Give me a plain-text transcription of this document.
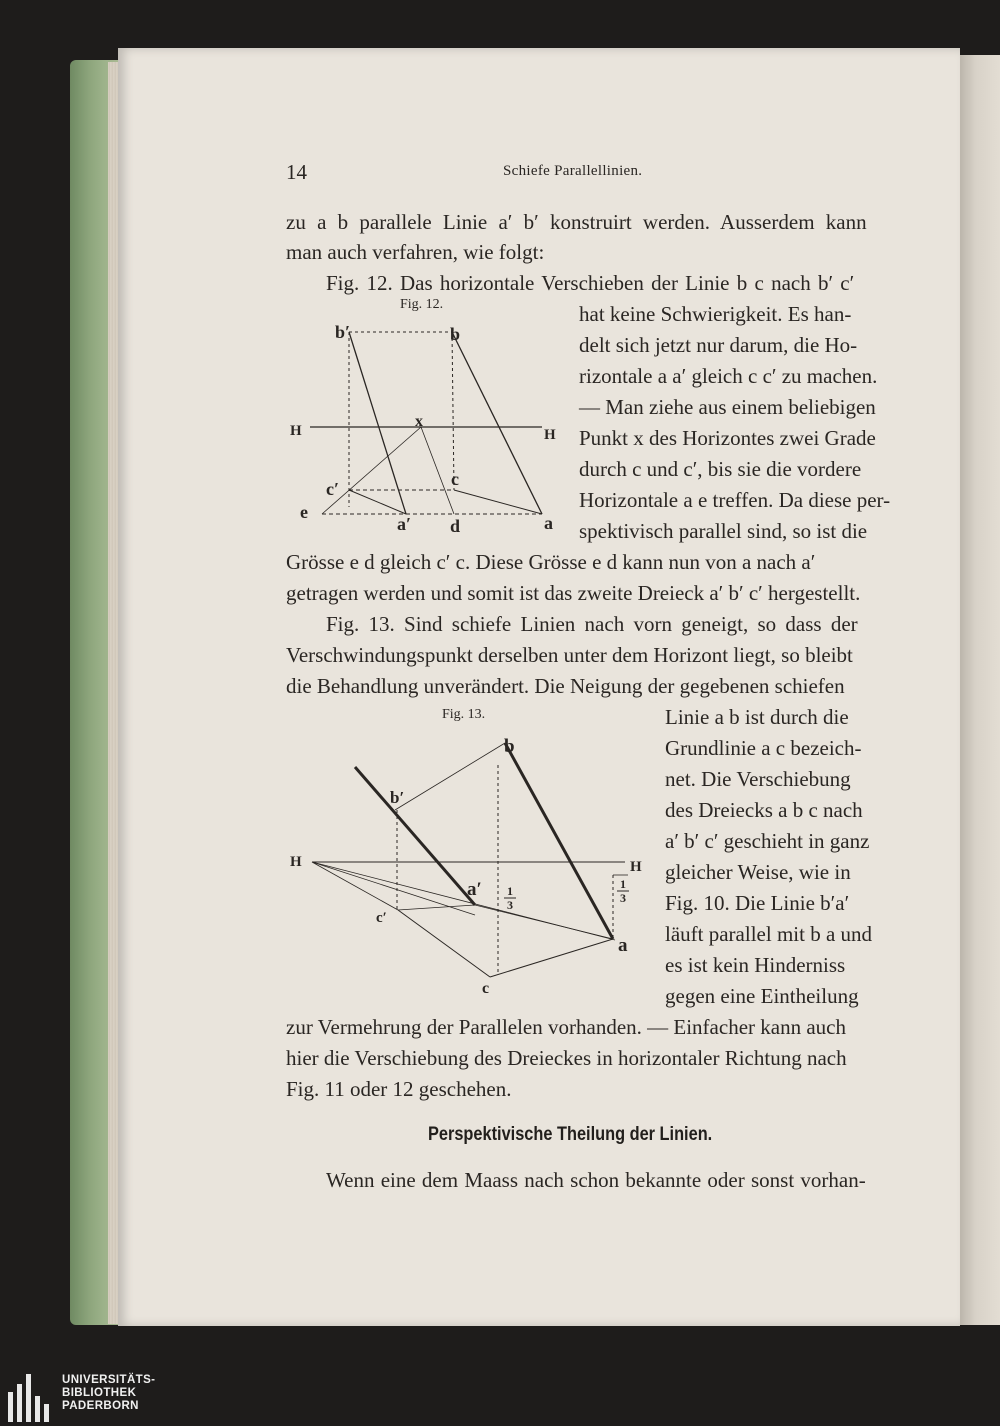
14	Schiefe Parallellinien.
zu a b parallele Linie a′ b′ konstruirt werden. Ausserdem kann
man auch verfahren, wie folgt:
Fig. 12. Das horizontale Verschieben der Linie b c nach b′ c′
hat keine Schwierigkeit. Es han-
delt sich jetzt nur darum, die Ho-
rizontale a a′ gleich c c′ zu machen.
— Man ziehe aus einem beliebigen
Punkt x des Horizontes zwei Grade
durch c und c′, bis sie die vordere
Horizontale a e treffen. Da diese per-
spektivisch parallel sind, so ist die
Grösse e d gleich c′ c. Diese Grösse e d kann nun von a nach a′
getragen werden und somit ist das zweite Dreieck a′ b′ c′ hergestellt.
Fig. 13. Sind schiefe Linien nach vorn geneigt, so dass der
Verschwindungspunkt derselben unter dem Horizont liegt, so bleibt
die Behandlung unverändert. Die Neigung der gegebenen schiefen
Linie a b ist durch die
Grundlinie a c bezeich-
net. Die Verschiebung
des Dreiecks a b c nach
a′ b′ c′ geschieht in ganz
gleicher Weise, wie in
Fig. 10. Die Linie b′a′
läuft parallel mit b a und
es ist kein Hinderniss
gegen eine Eintheilung
zur Vermehrung der Parallelen vorhanden. — Einfacher kann auch
hier die Verschiebung des Dreieckes in horizontaler Richtung nach
Fig. 11 oder 12 geschehen.
Perspektivische Theilung der Linien.
Wenn eine dem Maass nach schon bekannte oder sonst vorhan-
Fig. 12.
b′	b
x
H	H
c′	c
e
a′ d	a
Fig. 13.
b
b′
H	H
a′ 1
3
1
3
c′
a
c
UNIVERSITÄTS-
BIBLIOTHEK
PADERBORN
